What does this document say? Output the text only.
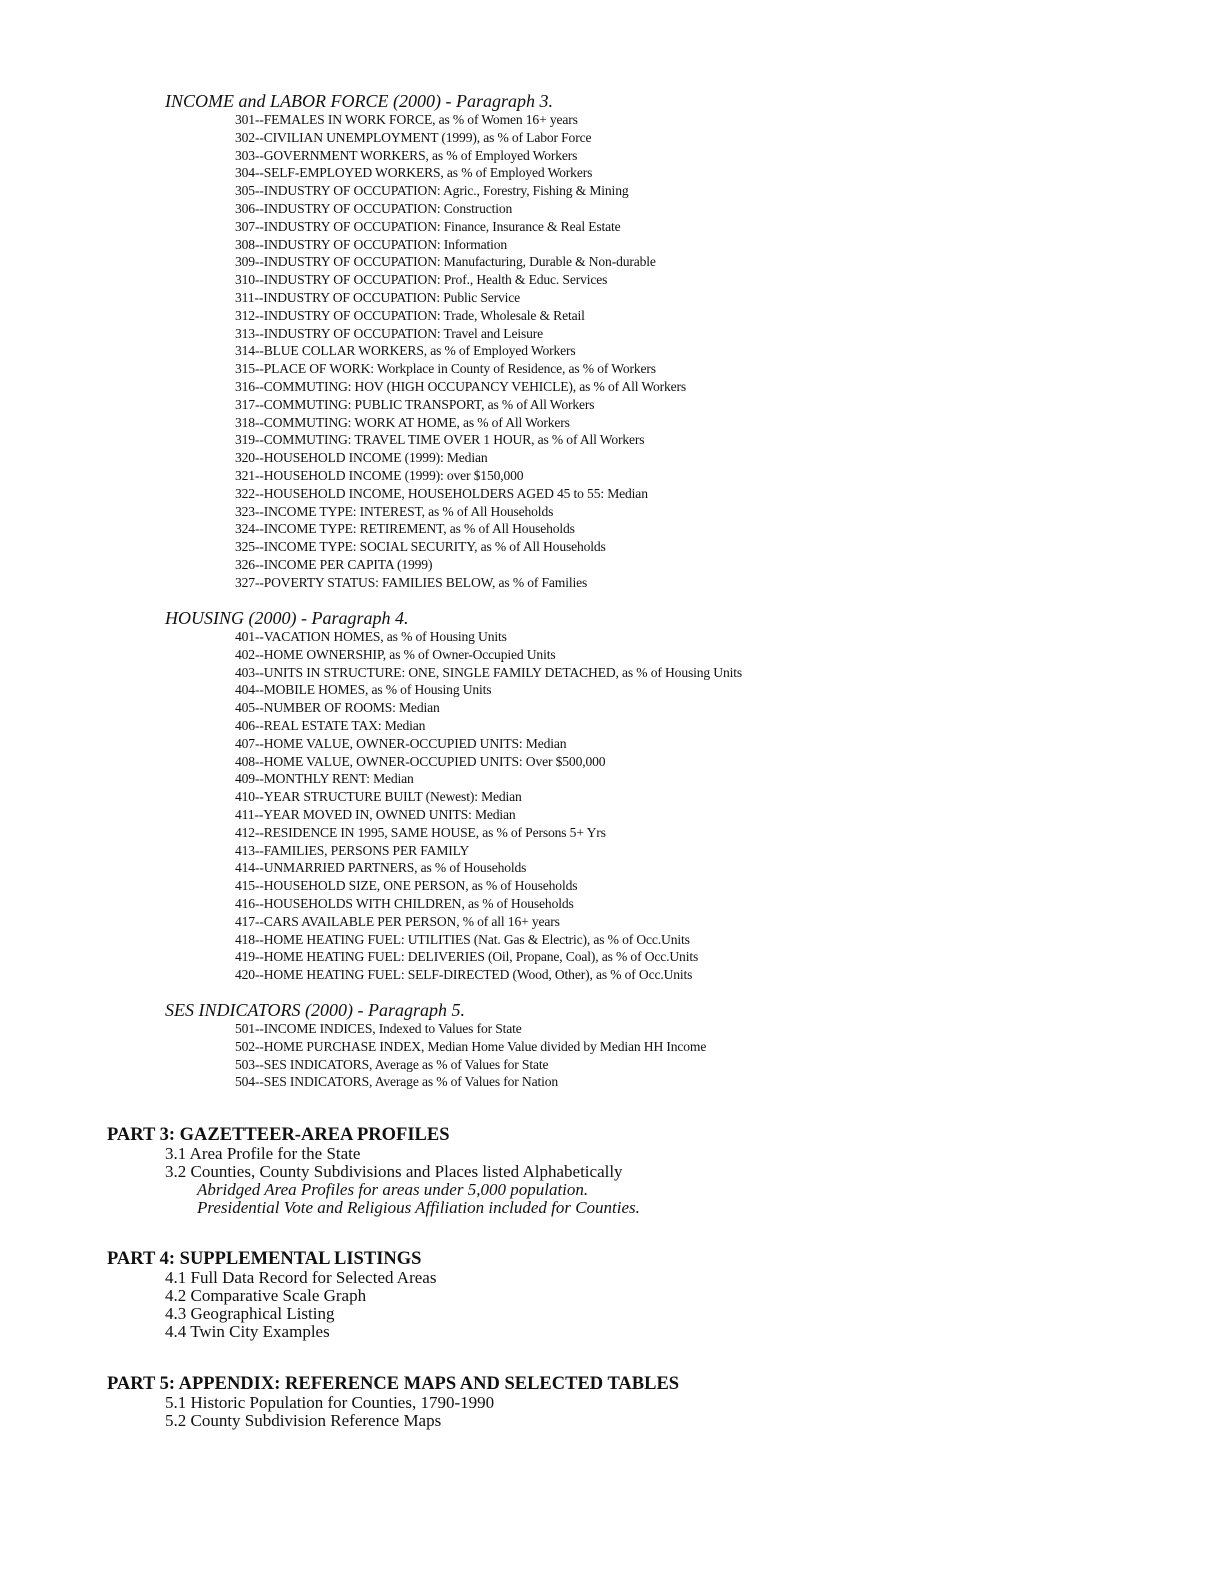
INCOME and LABOR FORCE (2000) - Paragraph 3.
301--FEMALES IN WORK FORCE, as % of Women 16+ years
302--CIVILIAN UNEMPLOYMENT (1999), as % of Labor Force
303--GOVERNMENT WORKERS, as % of Employed Workers
304--SELF-EMPLOYED WORKERS, as % of Employed Workers
305--INDUSTRY OF OCCUPATION: Agric., Forestry, Fishing & Mining
306--INDUSTRY OF OCCUPATION: Construction
307--INDUSTRY OF OCCUPATION: Finance, Insurance & Real Estate
308--INDUSTRY OF OCCUPATION: Information
309--INDUSTRY OF OCCUPATION: Manufacturing, Durable & Non-durable
310--INDUSTRY OF OCCUPATION: Prof., Health & Educ. Services
311--INDUSTRY OF OCCUPATION: Public Service
312--INDUSTRY OF OCCUPATION: Trade, Wholesale & Retail
313--INDUSTRY OF OCCUPATION: Travel and Leisure
314--BLUE COLLAR WORKERS, as % of Employed Workers
315--PLACE OF WORK: Workplace in County of Residence, as % of Workers
316--COMMUTING: HOV (HIGH OCCUPANCY VEHICLE), as % of All Workers
317--COMMUTING: PUBLIC TRANSPORT, as % of All Workers
318--COMMUTING: WORK AT HOME, as % of All Workers
319--COMMUTING: TRAVEL TIME OVER 1 HOUR, as % of All Workers
320--HOUSEHOLD INCOME (1999): Median
321--HOUSEHOLD INCOME (1999): over $150,000
322--HOUSEHOLD INCOME, HOUSEHOLDERS AGED 45 to 55: Median
323--INCOME TYPE: INTEREST, as % of All Households
324--INCOME TYPE: RETIREMENT, as % of All Households
325--INCOME TYPE: SOCIAL SECURITY, as % of All Households
326--INCOME PER CAPITA (1999)
327--POVERTY STATUS: FAMILIES BELOW, as % of Families
HOUSING (2000) - Paragraph 4.
401--VACATION HOMES, as % of Housing Units
402--HOME OWNERSHIP, as % of Owner-Occupied Units
403--UNITS IN STRUCTURE: ONE, SINGLE FAMILY DETACHED, as % of Housing Units
404--MOBILE HOMES, as % of Housing Units
405--NUMBER OF ROOMS: Median
406--REAL ESTATE TAX: Median
407--HOME VALUE, OWNER-OCCUPIED UNITS: Median
408--HOME VALUE, OWNER-OCCUPIED UNITS: Over $500,000
409--MONTHLY RENT: Median
410--YEAR STRUCTURE BUILT (Newest): Median
411--YEAR MOVED IN, OWNED UNITS: Median
412--RESIDENCE IN 1995, SAME HOUSE, as % of Persons 5+ Yrs
413--FAMILIES, PERSONS PER FAMILY
414--UNMARRIED PARTNERS, as % of Households
415--HOUSEHOLD SIZE, ONE PERSON, as % of Households
416--HOUSEHOLDS WITH CHILDREN, as % of Households
417--CARS AVAILABLE PER PERSON, % of all 16+ years
418--HOME HEATING FUEL: UTILITIES (Nat. Gas & Electric), as % of Occ.Units
419--HOME HEATING FUEL: DELIVERIES (Oil, Propane, Coal), as % of Occ.Units
420--HOME HEATING FUEL: SELF-DIRECTED (Wood, Other), as % of Occ.Units
SES INDICATORS (2000) - Paragraph 5.
501--INCOME INDICES, Indexed to Values for State
502--HOME PURCHASE INDEX, Median Home Value divided by Median HH Income
503--SES INDICATORS, Average as % of Values for State
504--SES INDICATORS, Average as % of Values for Nation
PART 3: GAZETTEER-AREA PROFILES
3.1 Area Profile for the State
3.2 Counties, County Subdivisions and Places listed Alphabetically
Abridged Area Profiles for areas under 5,000 population.
Presidential Vote and Religious Affiliation included for Counties.
PART 4: SUPPLEMENTAL LISTINGS
4.1 Full Data Record for Selected Areas
4.2 Comparative Scale Graph
4.3 Geographical Listing
4.4 Twin City Examples
PART 5: APPENDIX: REFERENCE MAPS AND SELECTED TABLES
5.1 Historic Population for Counties, 1790-1990
5.2 County Subdivision Reference Maps
